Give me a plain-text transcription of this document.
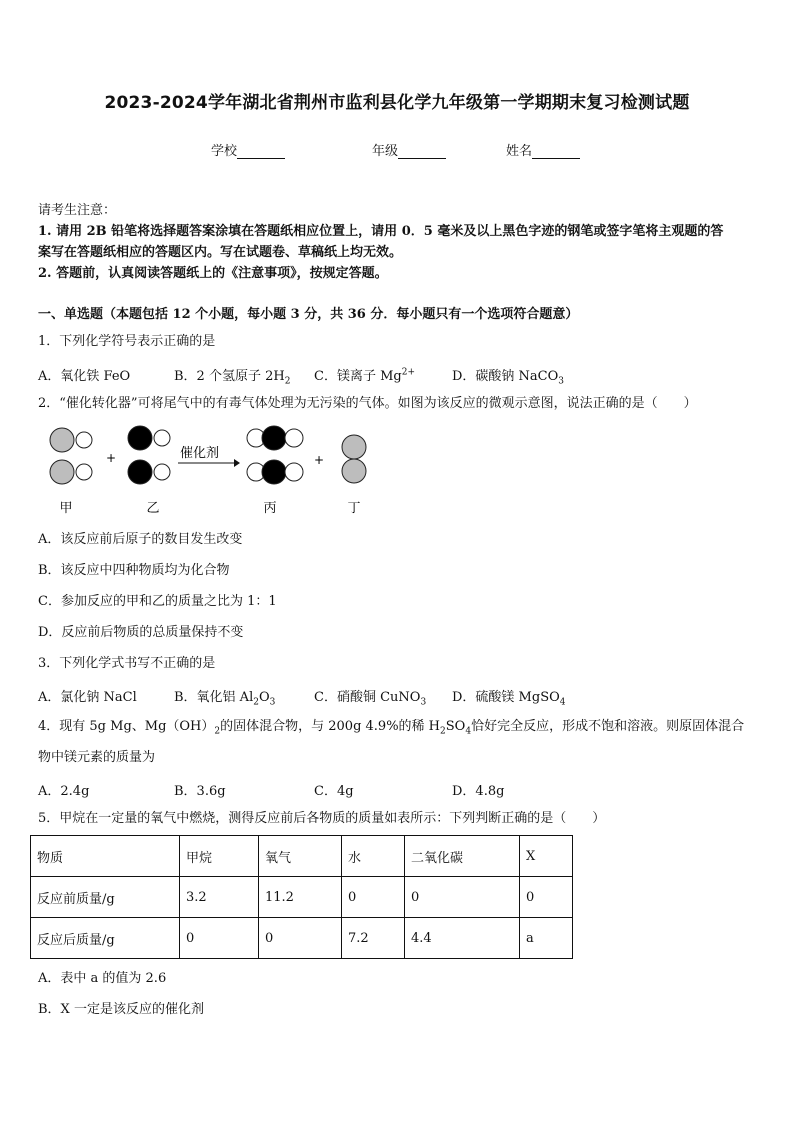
2023-2024学年湖北省荆州市监利县化学九年级第一学期期末复习检测试题
学校	年级	姓名
请考生注意：
1. 请用 2B 铅笔将选择题答案涂填在答题纸相应位置上，请用 0．5 毫米及以上黑色字迹的钢笔或签字笔将主观题的答
案写在答题纸相应的答题区内。写在试题卷、草稿纸上均无效。
2. 答题前，认真阅读答题纸上的《注意事项》，按规定答题。
一、单选题（本题包括 12 个小题，每小题 3 分，共 36 分．每小题只有一个选项符合题意）
1．下列化学符号表示正确的是
A．氧化铁 FeO	B．2 个氢原子 $2H_2$ C．镁离子 $Mg^{2+}$	D．碳酸钠 NaCO$_3$
2．“催化转化器”可将尾气中的有毒气体处理为无污染的气体。如图为该反应的微观示意图，说法正确的是（　　）
+	催化剂	+
甲	乙	丙	丁
A．该反应前后原子的数目发生改变
B．该反应中四种物质均为化合物
C．参加反应的甲和乙的质量之比为 1：1
D．反应前后物质的总质量保持不变
3．下列化学式书写不正确的是
A．氯化钠 NaCl	B．氧化铝 $Al_2O_3$	C．硝酸铜 CuNO$_3$ D．硫酸镁 MgSO$_4$
4．现有 5g Mg、$Mg(OH)_2$的固体混合物，与 200g 4.9%的稀 $H_2SO_4$恰好完全反应，形成不饱和溶液。则原固体混合
物中镁元素的质量为
A．2.4g	B．3.6g	C．4g	D．4.8g
5．甲烷在一定量的氧气中燃烧，测得反应前后各物质的质量如表所示：下列判断正确的是（　　）
物质	甲烷	氧气	水	二氧化碳	X
反应前质量/g	3.2	11.2	0	0	0
反应后质量/g	0	0	7.2	4.4	a
A．表中 a 的值为 2.6
B．X 一定是该反应的催化剂
